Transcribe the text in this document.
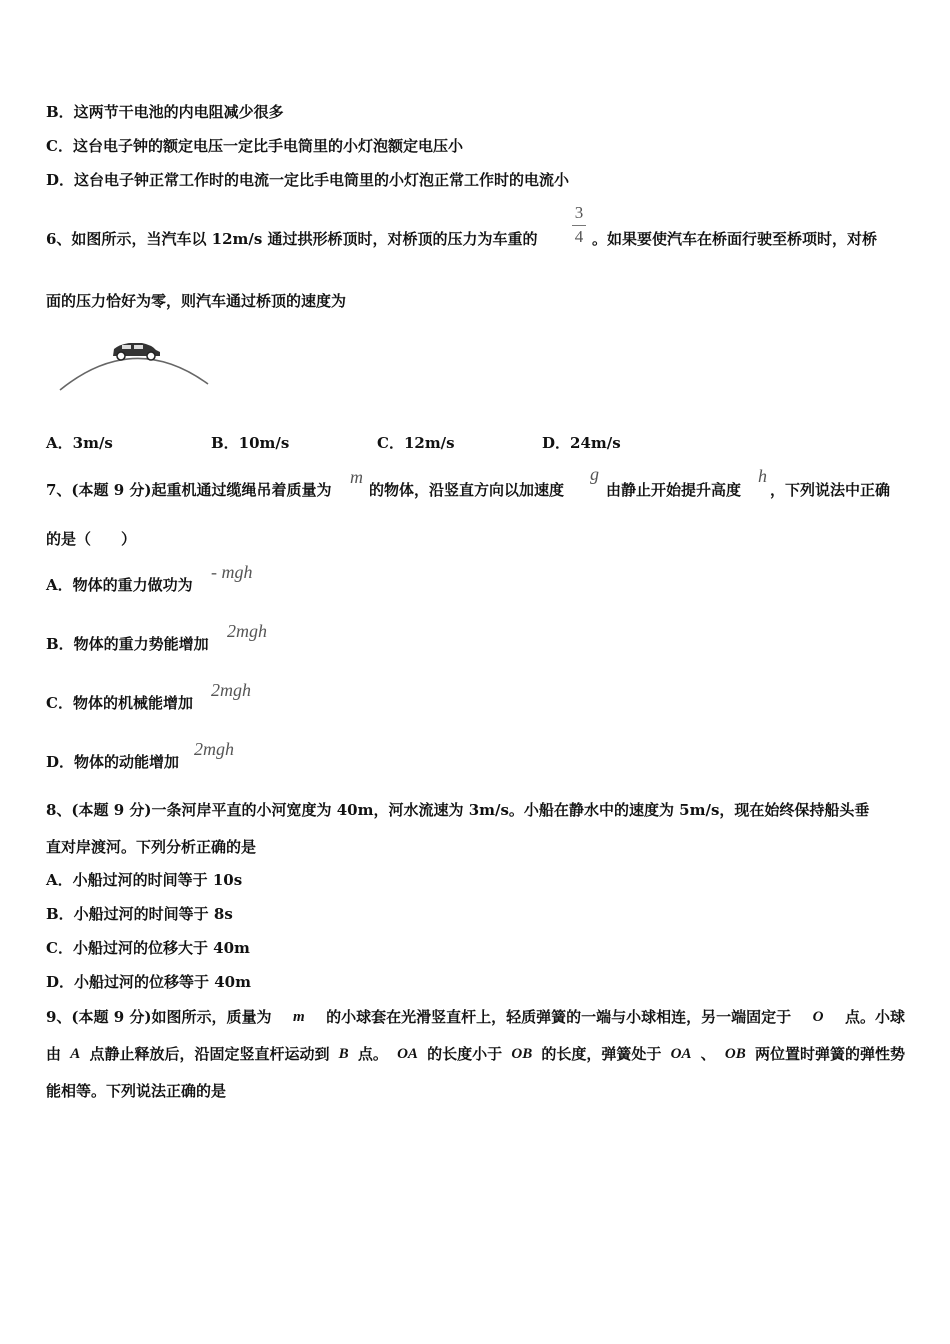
B．这两节干电池的内电阻减少很多
C．这台电子钟的额定电压一定比手电筒里的小灯泡额定电压小
D．这台电子钟正常工作时的电流一定比手电筒里的小灯泡正常工作时的电流小
6、如图所示，当汽车以 12m/s 通过拱形桥顶时，对桥顶的压力为车重的
3
4 。如果要使汽车在桥面行驶至桥项时，对桥
面的压力恰好为零，则汽车通过桥顶的速度为
A．3m/s	B．10m/s	C．12m/s	D．24m/s
7、(本题 9 分)起重机通过缆绳吊着质量为
m
的物体，沿竖直方向以加速度
g
由静止开始提升高度
h
，下列说法中正确
的是（　　）
A．物体的重力做功为
- mgh
B．物体的重力势能增加
2mgh
C．物体的机械能增加
2mgh
D．物体的动能增加
2mgh
8、(本题 9 分)一条河岸平直的小河宽度为 40m，河水流速为 3m/s。小船在静水中的速度为 5m/s，现在始终保持船头垂
直对岸渡河。下列分析正确的是
A．小船过河的时间等于 10s
B．小船过河的时间等于 8s
C．小船过河的位移大于 40m
D．小船过河的位移等于 40m
9、(本题 9 分)如图所示，质量为 m 的小球套在光滑竖直杆上，轻质弹簧的一端与小球相连，另一端固定于 O 点。小球
由 A 点静止释放后，沿固定竖直杆运动到 B 点。 OA 的长度小于 OB 的长度，弹簧处于 OA 、 OB 两位置时弹簧的弹性势
能相等。下列说法正确的是
